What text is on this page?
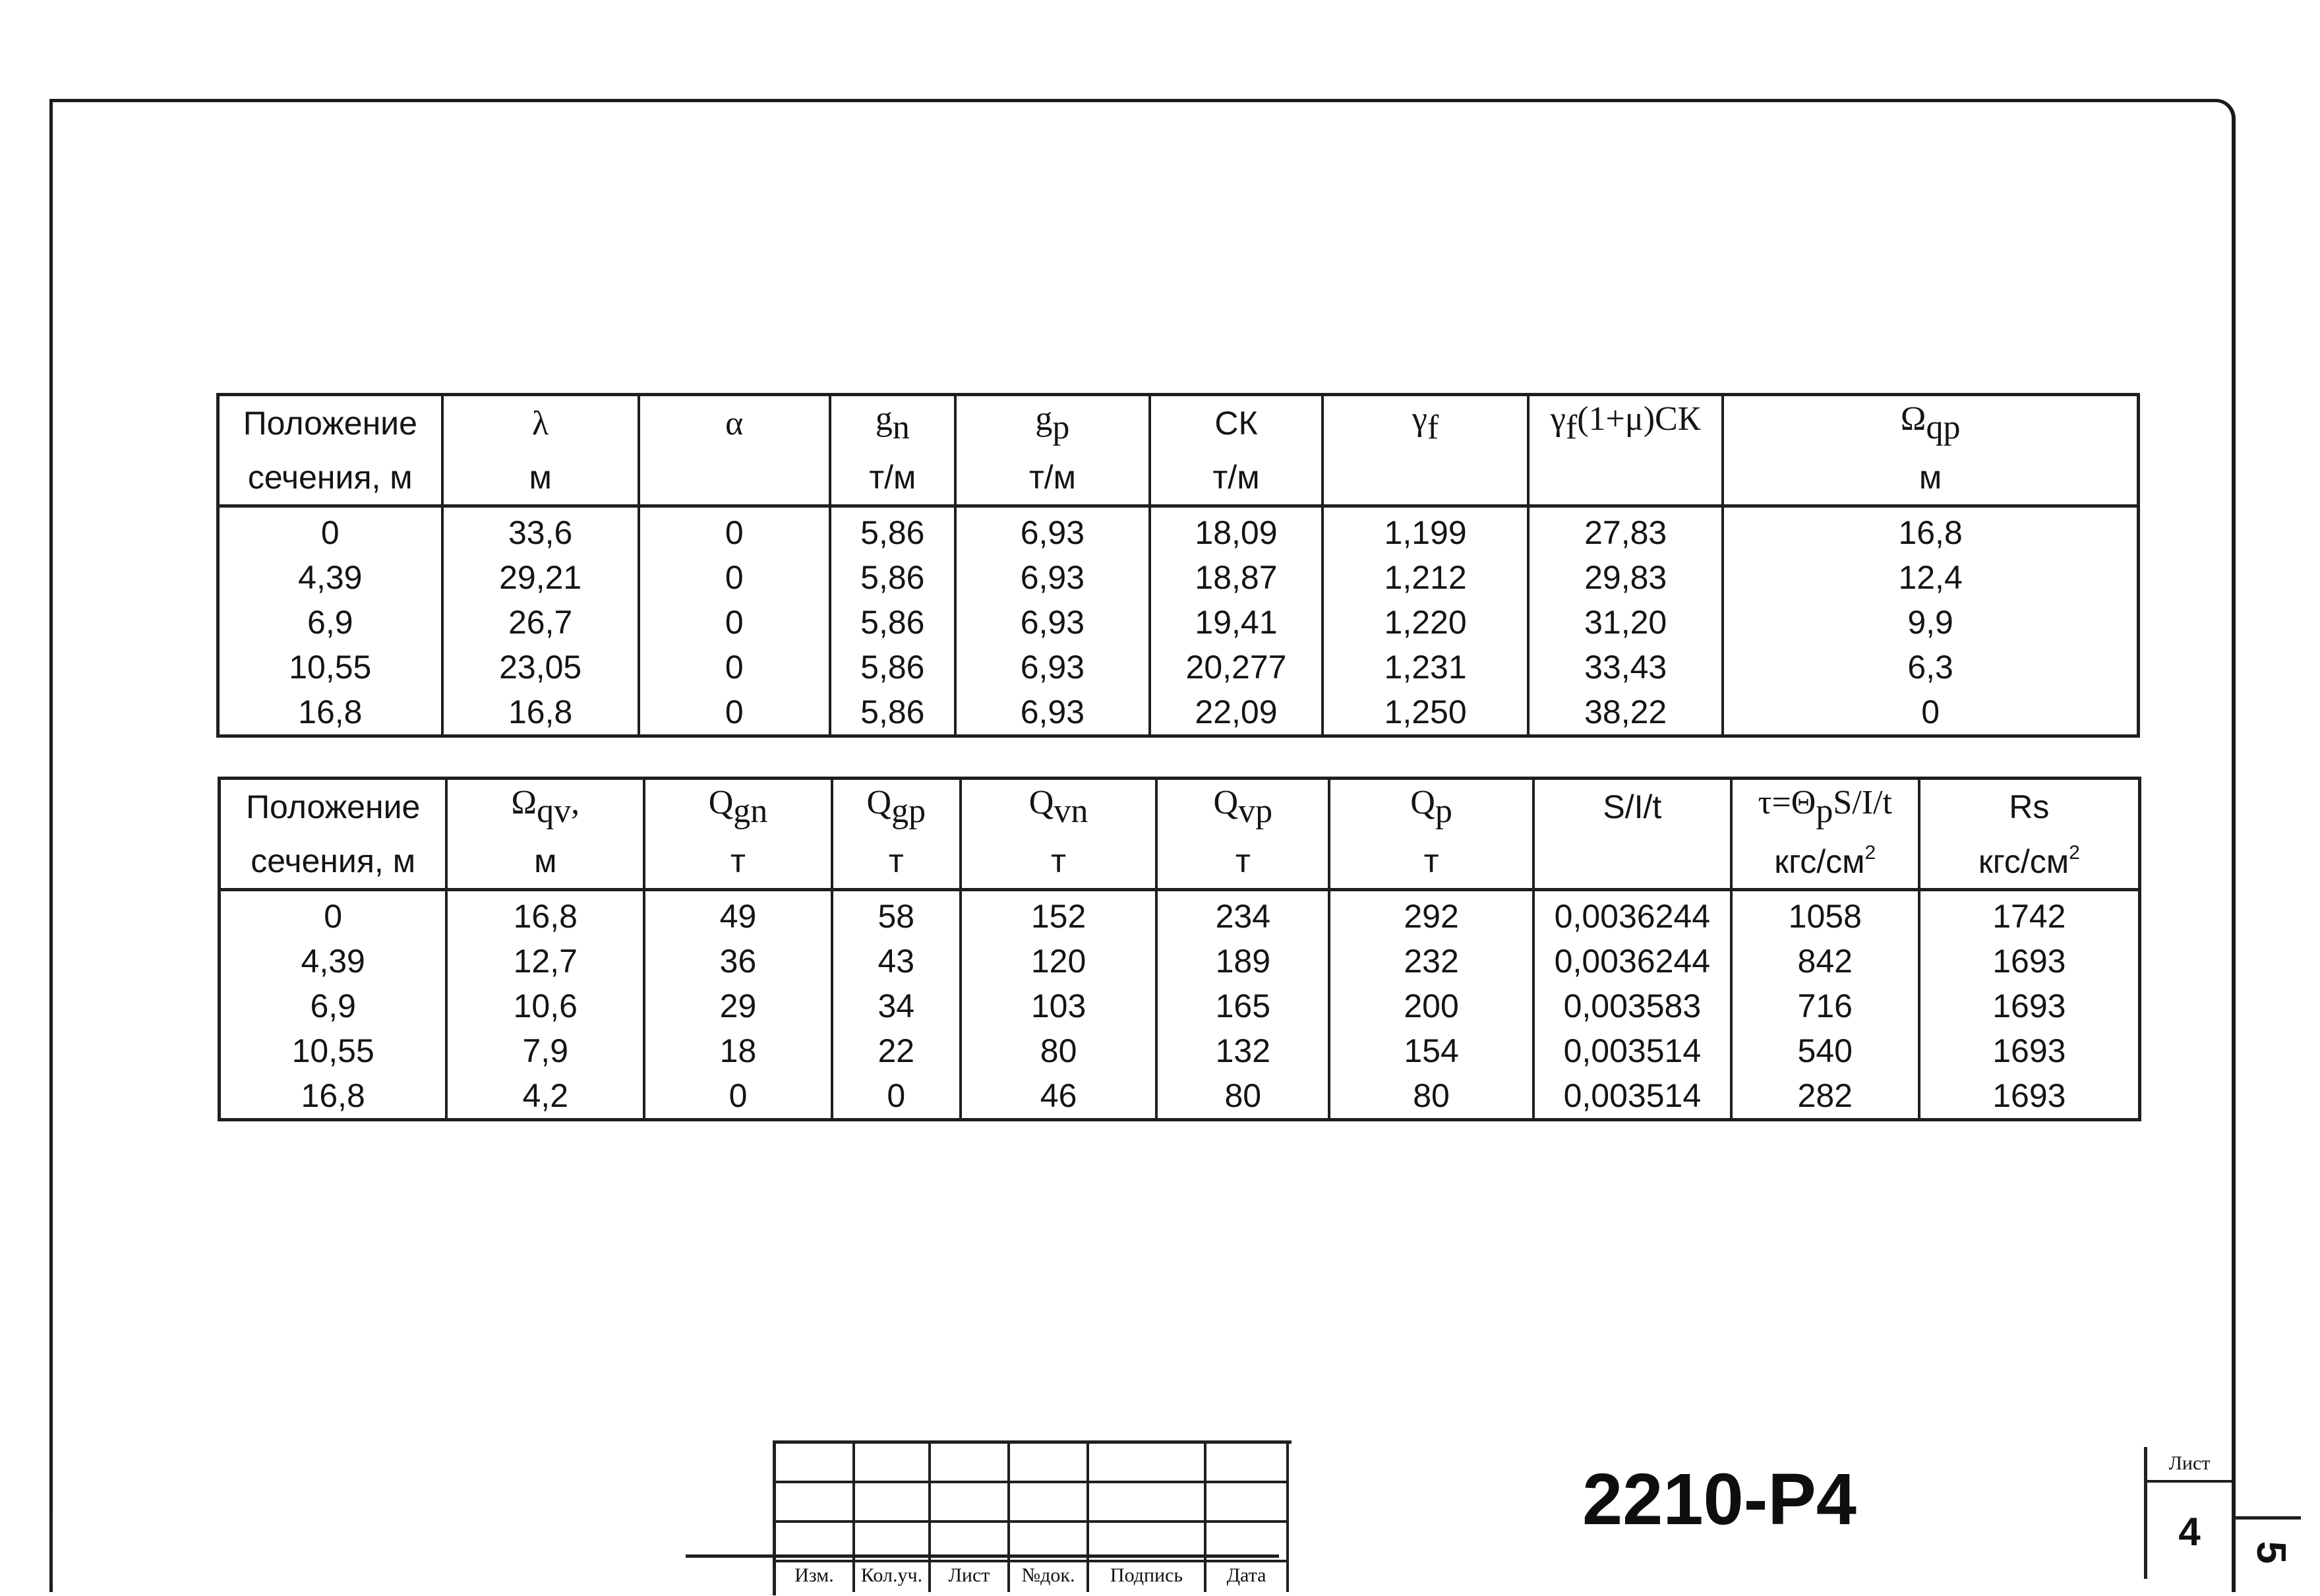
Положение	λ	α	$g_n$	$g_p$	СК	$\gamma_f$	$\gamma_f(1+\mu)СК$	$\Omega_{qp}$
сечения, м	м		т/м	т/м	т/м			м
0	33,6	0	5,86	6,93	18,09	1,199	27,83	16,8
4,39	29,21	0	5,86	6,93	18,87	1,212	29,83	12,4
6,9	26,7	0	5,86	6,93	19,41	1,220	31,20	9,9
10,55	23,05	0	5,86	6,93	20,277	1,231	33,43	6,3
16,8	16,8	0	5,86	6,93	22,09	1,250	38,22	0
Положение	$\Omega_{qv}$,	$Q_{gn}$	$Q_{gp}$	$Q_{vn}$	$Q_{vp}$	$Q_p$	S/I/t	$\tau=\Theta_pS/I/t$	Rs
сечения, м	м	т	т	т	т	т		кгс/$см^2$	кгс/$см^2$
0	16,8	49	58	152	234	292	0,0036244	1058	1742
4,39	12,7	36	43	120	189	232	0,0036244	842	1693
6,9	10,6	29	34	103	165	200	0,003583	716	1693
10,55	7,9	18	22	80	132	154	0,003514	540	1693
16,8	4,2	0	0	46	80	80	0,003514	282	1693
Изм.	Кол.уч.	Лист	№док.	Подпись	Дата
2210-Р4	Лист
4	5
